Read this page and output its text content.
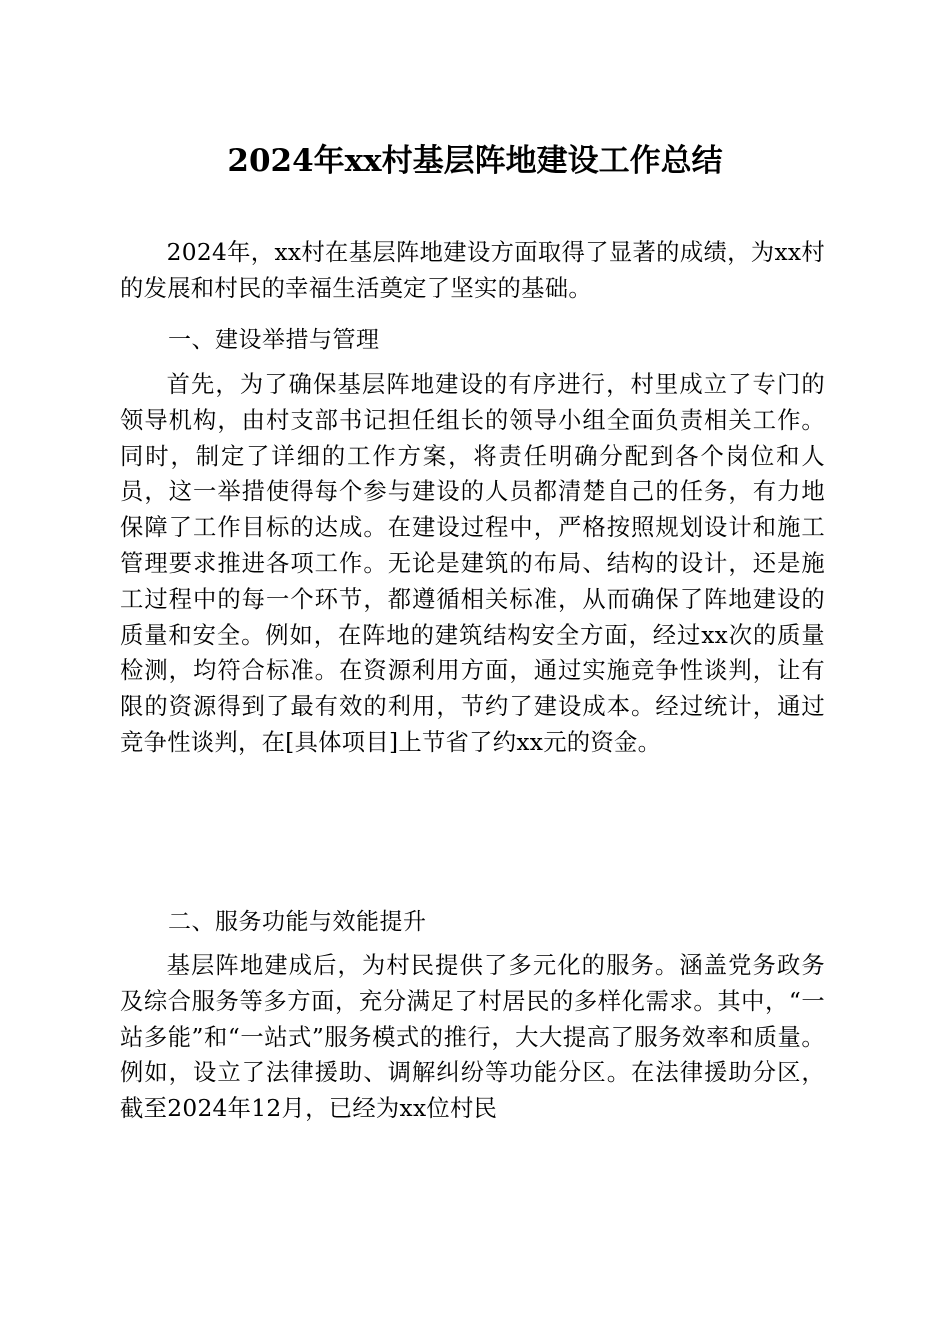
2024年xx村基层阵地建设工作总结

2024年，xx村在基层阵地建设方面取得了显著的成绩，为xx村的发展和村民的幸福生活奠定了坚实的基础。

一、建设举措与管理

首先，为了确保基层阵地建设的有序进行，村里成立了专门的领导机构，由村支部书记担任组长的领导小组全面负责相关工作。同时，制定了详细的工作方案，将责任明确分配到各个岗位和人员，这一举措使得每个参与建设的人员都清楚自己的任务，有力地保障了工作目标的达成。在建设过程中，严格按照规划设计和施工管理要求推进各项工作。无论是建筑的布局、结构的设计，还是施工过程中的每一个环节，都遵循相关标准，从而确保了阵地建设的质量和安全。例如，在阵地的建筑结构安全方面，经过xx次的质量检测，均符合标准。在资源利用方面，通过实施竞争性谈判，让有限的资源得到了最有效的利用，节约了建设成本。经过统计，通过竞争性谈判，在[具体项目]上节省了约xx元的资金。

二、服务功能与效能提升

基层阵地建成后，为村民提供了多元化的服务。涵盖党务政务及综合服务等多方面，充分满足了村居民的多样化需求。其中，“一站多能”和“一站式”服务模式的推行，大大提高了服务效率和质量。例如，设立了法律援助、调解纠纷等功能分区。在法律援助分区，截至2024年12月，已经为xx位村民
